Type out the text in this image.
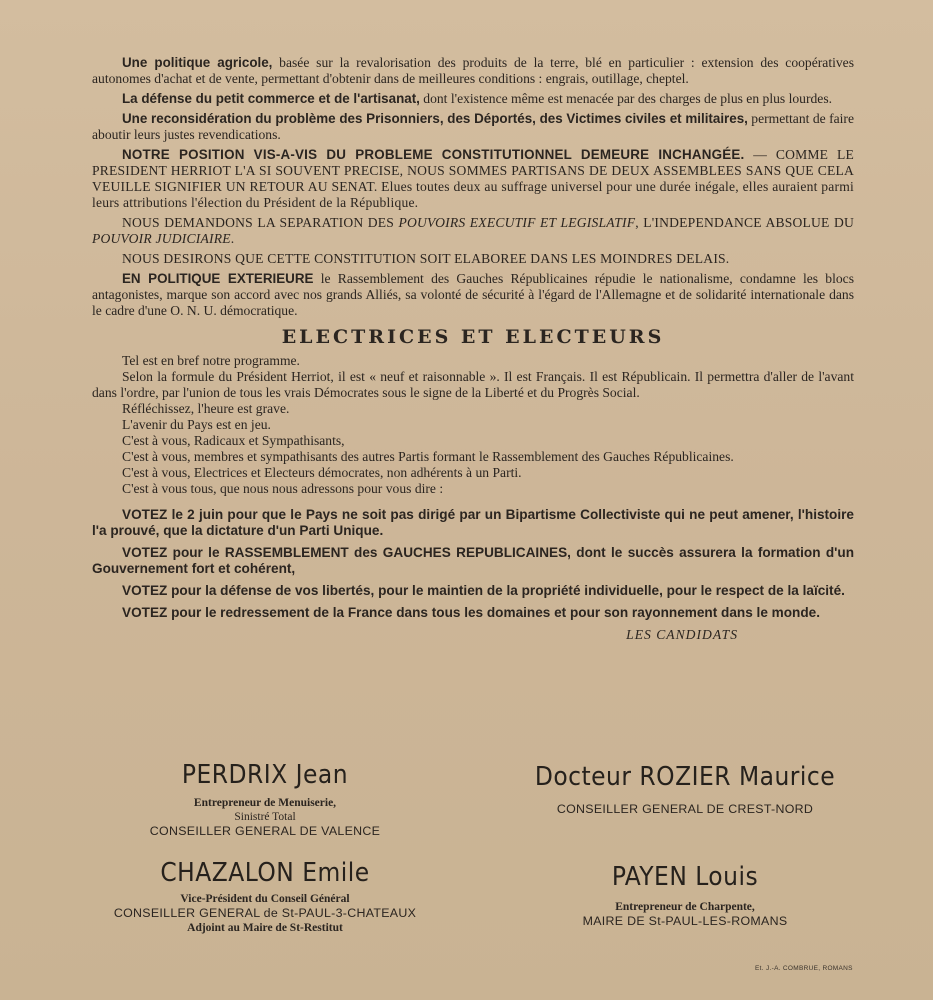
Une politique agricole, basée sur la revalorisation des produits de la terre, blé en particulier : extension des coopératives autonomes d'achat et de vente, permettant d'obtenir dans de meilleures conditions : engrais, outillage, cheptel.

La défense du petit commerce et de l'artisanat, dont l'existence même est menacée par des charges de plus en plus lourdes.

Une reconsidération du problème des Prisonniers, des Déportés, des Victimes civiles et militaires, permettant de faire aboutir leurs justes revendications.

NOTRE POSITION VIS-A-VIS DU PROBLEME CONSTITUTIONNEL DEMEURE INCHANGÉE. — COMME LE PRESIDENT HERRIOT L'A SI SOUVENT PRECISE, NOUS SOMMES PARTISANS DE DEUX ASSEMBLEES SANS QUE CELA VEUILLE SIGNIFIER UN RETOUR AU SENAT. Elues toutes deux au suffrage universel pour une durée inégale, elles auraient parmi leurs attributions l'élection du Président de la République.

NOUS DEMANDONS LA SEPARATION DES POUVOIRS EXECUTIF ET LEGISLATIF, L'INDEPENDANCE ABSOLUE DU POUVOIR JUDICIAIRE.

NOUS DESIRONS QUE CETTE CONSTITUTION SOIT ELABOREE DANS LES MOINDRES DELAIS.

EN POLITIQUE EXTERIEURE le Rassemblement des Gauches Républicaines répudie le nationalisme, condamne les blocs antagonistes, marque son accord avec nos grands Alliés, sa volonté de sécurité à l'égard de l'Allemagne et de solidarité internationale dans le cadre d'une O. N. U. démocratique.

ELECTRICES ET ELECTEURS

Tel est en bref notre programme.

Selon la formule du Président Herriot, il est « neuf et raisonnable ». Il est Français. Il est Républicain. Il permettra d'aller de l'avant dans l'ordre, par l'union de tous les vrais Démocrates sous le signe de la Liberté et du Progrès Social.

Réfléchissez, l'heure est grave.

L'avenir du Pays est en jeu.

C'est à vous, Radicaux et Sympathisants,

C'est à vous, membres et sympathisants des autres Partis formant le Rassemblement des Gauches Républicaines.

C'est à vous, Electrices et Electeurs démocrates, non adhérents à un Parti.

C'est à vous tous, que nous nous adressons pour vous dire :

VOTEZ le 2 juin pour que le Pays ne soit pas dirigé par un Bipartisme Collectiviste qui ne peut amener, l'histoire l'a prouvé, que la dictature d'un Parti Unique.

VOTEZ pour le RASSEMBLEMENT des GAUCHES REPUBLICAINES, dont le succès assurera la formation d'un Gouvernement fort et cohérent,

VOTEZ pour la défense de vos libertés, pour le maintien de la propriété individuelle, pour le respect de la laïcité.

VOTEZ pour le redressement de la France dans tous les domaines et pour son rayonnement dans le monde.

LES CANDIDATS
PERDRIX Jean
Entrepreneur de Menuiserie,
Sinistré Total
CONSEILLER GENERAL DE VALENCE
Docteur ROZIER Maurice
CONSEILLER GENERAL DE CREST-NORD
CHAZALON Emile
Vice-Président du Conseil Général
CONSEILLER GENERAL de St-PAUL-3-CHATEAUX
Adjoint au Maire de St-Restitut
PAYEN Louis
Entrepreneur de Charpente,
MAIRE DE St-PAUL-LES-ROMANS
Et. J.-A. COMBRUE, ROMANS
